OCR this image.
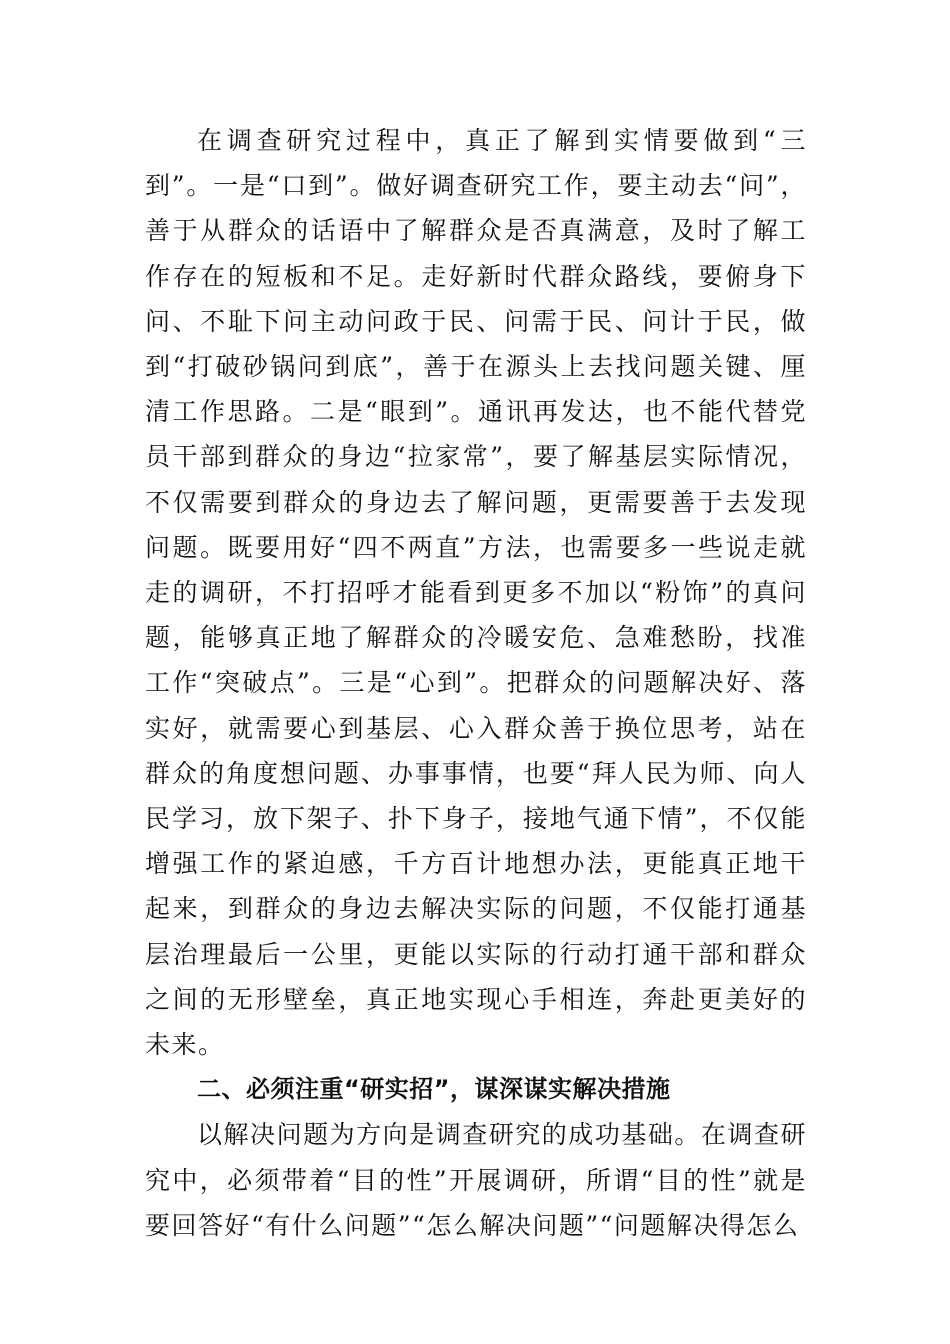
在调查研究过程中，真正了解到实情要做到“三到”。一是“口到”。做好调查研究工作，要主动去“问”，善于从群众的话语中了解群众是否真满意，及时了解工作存在的短板和不足。走好新时代群众路线，要俯身下问、不耻下问主动问政于民、问需于民、问计于民，做到“打破砂锅问到底”，善于在源头上去找问题关键、厘清工作思路。二是“眼到”。通讯再发达，也不能代替党员干部到群众的身边“拉家常”，要了解基层实际情况，不仅需要到群众的身边去了解问题，更需要善于去发现问题。既要用好“四不两直”方法，也需要多一些说走就走的调研，不打招呼才能看到更多不加以“粉饰”的真问题，能够真正地了解群众的冷暖安危、急难愁盼，找准工作“突破点”。三是“心到”。把群众的问题解决好、落实好，就需要心到基层、心入群众善于换位思考，站在群众的角度想问题、办事事情，也要“拜人民为师、向人民学习，放下架子、扑下身子，接地气通下情”，不仅能增强工作的紧迫感，千方百计地想办法，更能真正地干起来，到群众的身边去解决实际的问题，不仅能打通基层治理最后一公里，更能以实际的行动打通干部和群众之间的无形壁垒，真正地实现心手相连，奔赴更美好的未来。

二、必须注重“研实招”，谋深谋实解决措施

以解决问题为方向是调查研究的成功基础。在调查研究中，必须带着“目的性”开展调研，所谓“目的性”就是要回答好“有什么问题”“怎么解决问题”“问题解决得怎么
